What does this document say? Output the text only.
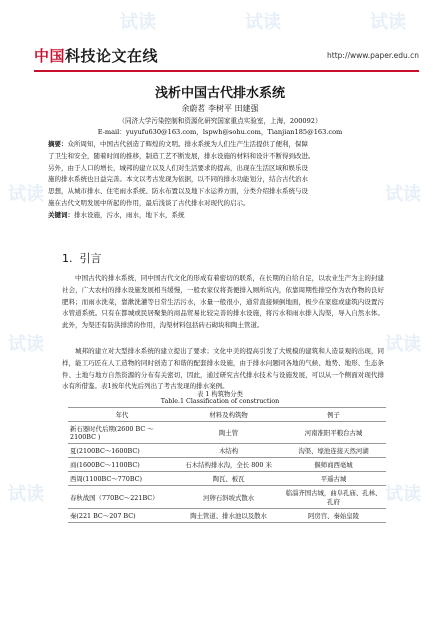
试读	试读	试读
试读
试读
试读
试读
试读
试读
中国科技论文在线	http://www.paper.edu.cn
浅析中国古代排水系统
余蔚茗 李树平 田建强
（同济大学污染控制和资源化研究国家重点实验室，上海，200092）
E-mail：yuyufu630@163.com，lspwh@sohu.com，Tianjian185@163.com
摘要：众所周知，中国古代创造了辉煌的文明。排水系统为人们生产生活提供了便利，保障
了卫生和安全，随着时间的推移，制造工艺不断发展，排水设施的材料和设计不断得到改进。
另外，由于人口的增长，城邦的建立以及人们对生活要求的提高，出现在生活区域和娱乐设
施的排水系统也日益完善。本文以考古发现为依据，以不同的排水功能划分，结合古代治水
思想，从城市排水、住宅雨水系统、防水布置以及地下水运养方面，分类介绍排水系统与设
施在古代文明发展中所起的作用，最后浅谈了古代排水对现代的启示。
关键词：排水设施，污水，雨水，地下水，系统
1. 引言
中国古代的排水系统，同中国古代文化的形成有着密切的联系，在长期的自给自足，以农业生产为主的封建社会，广大农村的排水设施发展相当缓慢，一般农家仅将粪便排入厕所坑内，依靠周期性排空作为农作物的良好肥料；而雨水洗菜，靠漱洗灌等日常生活污水，水量一般很小，通常直接倾倒地面，极少在家庭或建筑内设置污水管道系统。只有在都城或民居聚集的商品贸易比较完善的排水设施，将污水和雨水排入沟渠，导入自然水体。此外，为渠还有防洪排涝的作用，沟渠材料包括砖石砌块和陶土管道。
城邦的建立对大型排水系统的建立提出了要求；文化中美的提高引发了大规模的建筑和人造景观的出现，同样，能工巧匠在人工造物的同时创造了和谐的配套排水设施，由于排水问题同各地的气候、地势、地形、生态条件、土地与地方自然资源的分布有关密切，因此，通过研究古代排水技术与设施发展，可以从一个侧面对现代排水有所借鉴。表1按年代先后列出了考古发现的排水案例。
表 1 构筑物分类
Table.1 Classification of construction
年代	材料及构筑物	例子
新石器时代后期(2600 BC ～ 2100BC )	陶土管	河南淮阳平粮台古城
夏(2100BC～1600BC)	木结构	沟渠、壕池连接天然河湖
商(1600BC～1100BC)	石木结构排水沟，全长 800 米	偃师商西亳城
西周(1100BC～770BC)	陶瓦、板瓦	平遥古城
春秋战国（770BC～221BC）	河卵石斜坡式散水	临淄齐国古城，曲阜孔庙、孔林、孔府
秦(221 BC～207 BC)	陶土管道、排水池以及散水	阿房宫、秦始皇陵
